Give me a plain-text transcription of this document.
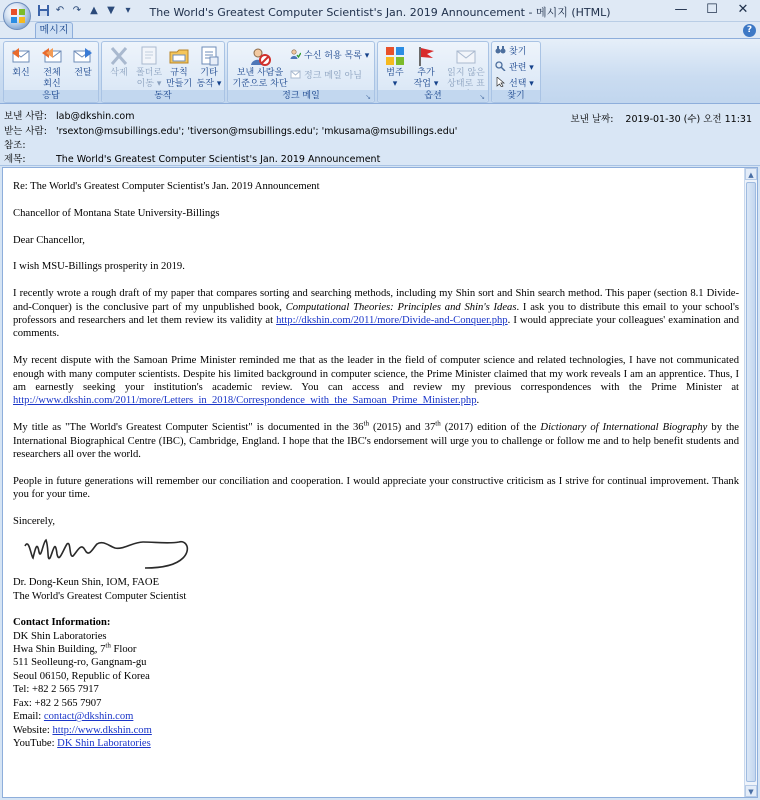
↶ ↷ ▲ ▼	▾	The World's Greatest Computer Scientist's Jan. 2019 Announcement - 메시지 (HTML)	—	☐	✕
메시지	?
회신	전체
회신
전달

응답
삭제 폴더로
이동 ▾
규칙
만들기
기타
동작 ▾
동작
보낸 사람을
기준으로 차단
수신 허용 목록 ▾
정크 메일 아님
정크 메일	↘
범주
▾
추가
작업 ▾
읽지 않은
상태로 표
옵션	↘
찾기
관련 ▾
선택 ▾
찾기
보낸 사람: lab@dkshin.com
받는 사람: 'rsexton@msubillings.edu'; 'tiverson@msubillings.edu'; 'mkusama@msubillings.edu'
참조:
제목:	The World's Greatest Computer Scientist's Jan. 2019 Announcement
보낸 날짜: 2019-01-30 (수) 오전 11:31

Re: The World's Greatest Computer Scientist's Jan. 2019 Announcement

Chancellor of Montana State University-Billings

Dear Chancellor,

I wish MSU-Billings prosperity in 2019.

I recently wrote a rough draft of my paper that compares sorting and searching methods, including my Shin sort and Shin search method. This paper (section 8.1 Divide-and-Conquer) is the conclusive part of my unpublished book, Computational Theories: Principles and Shin's Ideas. I ask you to distribute this email to your school's professors and researchers and let them review its validity at http://dkshin.com/2011/more/Divide-and-Conquer.php. I would appreciate your colleagues' examination and comments.

My recent dispute with the Samoan Prime Minister reminded me that as the leader in the field of computer science and related technologies, I have not communicated enough with many computer scientists. Despite his limited background in computer science, the Prime Minister claimed that my work reveals I am an apprentice. Thus, I am earnestly seeking your institution's academic review. You can access and review my previous correspondences with the Prime Minister at http://www.dkshin.com/2011/more/Letters_in_2018/Correspondence_with_the_Samoan_Prime_Minister.php.

My title as "The World's Greatest Computer Scientist" is documented in the 36th (2015) and 37th (2017) edition of the Dictionary of International Biography by the International Biographical Centre (IBC), Cambridge, England. I hope that the IBC's endorsement will urge you to challenge or follow me and to help benefit students and researchers all over the world.

People in future generations will remember our conciliation and cooperation. I would appreciate your constructive criticism as I strive for continual improvement. Thank you for your time.

Sincerely,
Dr. Dong-Keun Shin, IOM, FAOE
The World's Greatest Computer Scientist
Contact Information:
DK Shin Laboratories
Hwa Shin Building, 7th Floor
511 Seolleung-ro, Gangnam-gu
Seoul 06150, Republic of Korea
Tel: +82 2 565 7917
Fax: +82 2 565 7907
Email: contact@dkshin.com
Website: http://www.dkshin.com
YouTube: DK Shin Laboratories
▲
▼
